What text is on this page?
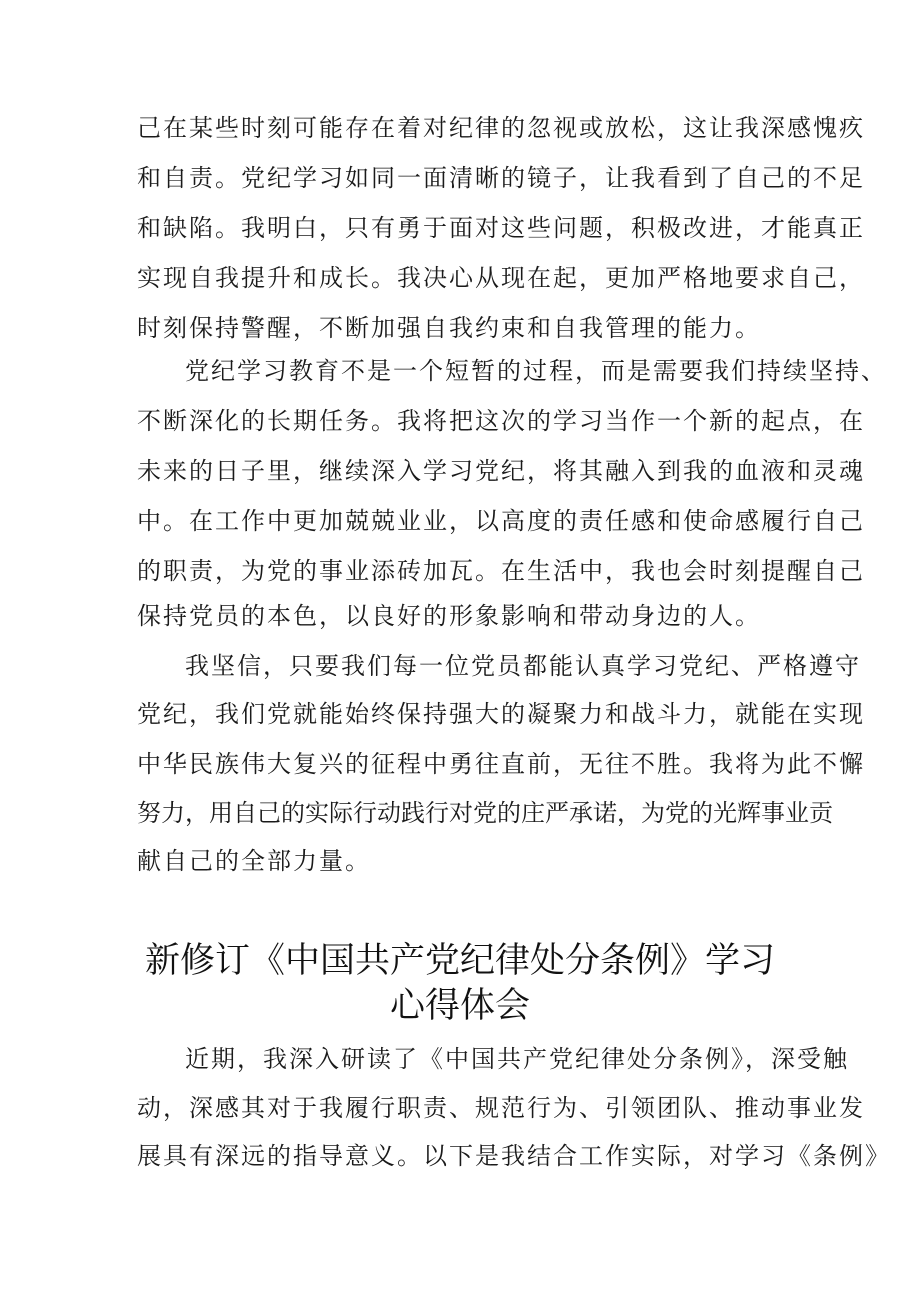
己在某些时刻可能存在着对纪律的忽视或放松，这让我深感愧疚
和自责。党纪学习如同一面清晰的镜子，让我看到了自己的不足
和缺陷。我明白，只有勇于面对这些问题，积极改进，才能真正
实现自我提升和成长。我决心从现在起，更加严格地要求自己，
时刻保持警醒，不断加强自我约束和自我管理的能力。
党纪学习教育不是一个短暂的过程，而是需要我们持续坚持、
不断深化的长期任务。我将把这次的学习当作一个新的起点，在
未来的日子里，继续深入学习党纪，将其融入到我的血液和灵魂
中。在工作中更加兢兢业业，以高度的责任感和使命感履行自己
的职责，为党的事业添砖加瓦。在生活中，我也会时刻提醒自己
保持党员的本色，以良好的形象影响和带动身边的人。
我坚信，只要我们每一位党员都能认真学习党纪、严格遵守
党纪，我们党就能始终保持强大的凝聚力和战斗力，就能在实现
中华民族伟大复兴的征程中勇往直前，无往不胜。我将为此不懈
努力，用自己的实际行动践行对党的庄严承诺，为党的光辉事业贡
献自己的全部力量。
新修订《中国共产党纪律处分条例》学习
心得体会
近期，我深入研读了《中国共产党纪律处分条例》，深受触
动，深感其对于我履行职责、规范行为、引领团队、推动事业发
展具有深远的指导意义。以下是我结合工作实际，对学习《条例》
